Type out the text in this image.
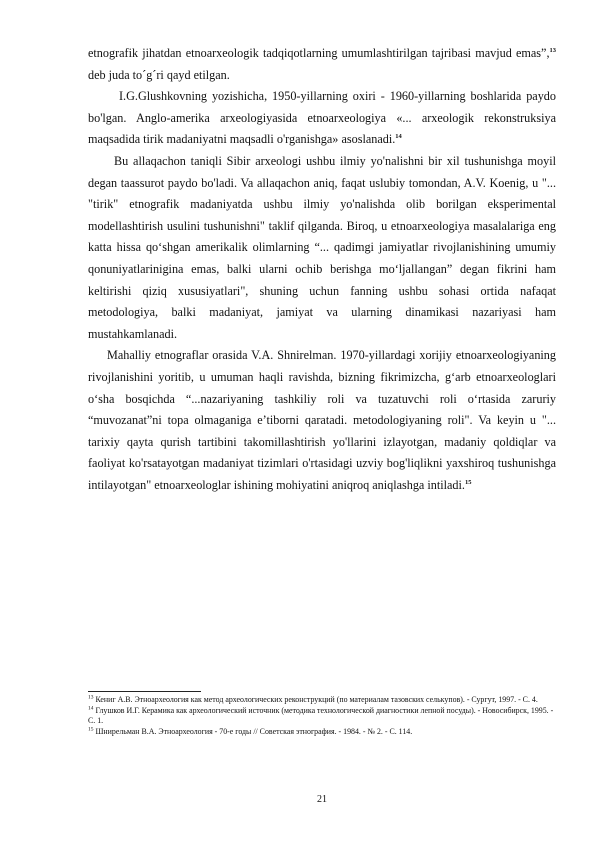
etnografik jihatdan etnoarxeologik tadqiqotlarning umumlashtirilgan tajribasi mavjud emas”,$^{13}$ deb juda to´g´ri qayd etilgan.

I.G.Glushkovning yozishicha, 1950-yillarning oxiri - 1960-yillarning boshlarida paydo bo'lgan. Anglo-amerika arxeologiyasida etnoarxeologiya «... arxeologik rekonstruksiya maqsadida tirik madaniyatni maqsadli o'rganishga» asoslanadi.$^{14}$

Bu allaqachon taniqli Sibir arxeologi ushbu ilmiy yo'nalishni bir xil tushunishga moyil degan taassurot paydo bo'ladi. Va allaqachon aniq, faqat uslubiy tomondan, A.V. Koenig, u "... "tirik" etnografik madaniyatda ushbu ilmiy yo'nalishda olib borilgan eksperimental modellashtirish usulini tushunishni" taklif qilganda. Biroq, u etnoarxeologiya masalalariga eng katta hissa qo‘shgan amerikalik olimlarning “... qadimgi jamiyatlar rivojlanishining umumiy qonuniyatlarinigina emas, balki ularni ochib berishga mo‘ljallangan” degan fikrini ham keltirishi qiziq xususiyatlari", shuning uchun fanning ushbu sohasi ortida nafaqat metodologiya, balki madaniyat, jamiyat va ularning dinamikasi nazariyasi ham mustahkamlanadi.

Mahalliy etnograflar orasida V.A. Shnirelman. 1970-yillardagi xorijiy etnoarxeologiyaning rivojlanishini yoritib, u umuman haqli ravishda, bizning fikrimizcha, g‘arb etnoarxeologlari o‘sha bosqichda “...nazariyaning tashkiliy roli va tuzatuvchi roli o‘rtasida zaruriy “muvozanat”ni topa olmaganiga e’tiborni qaratadi. metodologiyaning roli". Va keyin u "... tarixiy qayta qurish tartibini takomillashtirish yo'llarini izlayotgan, madaniy qoldiqlar va faoliyat ko'rsatayotgan madaniyat tizimlari o'rtasidagi uzviy bog'liqlikni yaxshiroq tushunishga intilayotgan" etnoarxeologlar ishining mohiyatini aniqroq aniqlashga intiladi.$^{15}$

$^{13}$ Кениг А.В. Этноархеология как метод археологических реконструкций (по материалам тазовских селькупов). - Сургут, 1997. - С. 4.

$^{14}$ Глушков И.Г. Керамика как археологический источник (методика технологической диагностики лепной посуды). - Новосибирск, 1995. - С. 1.

$^{15}$ Шнирельман В.А. Этноархеология - 70-е годы // Советская этнография. - 1984. - № 2. - С. 114.

21
